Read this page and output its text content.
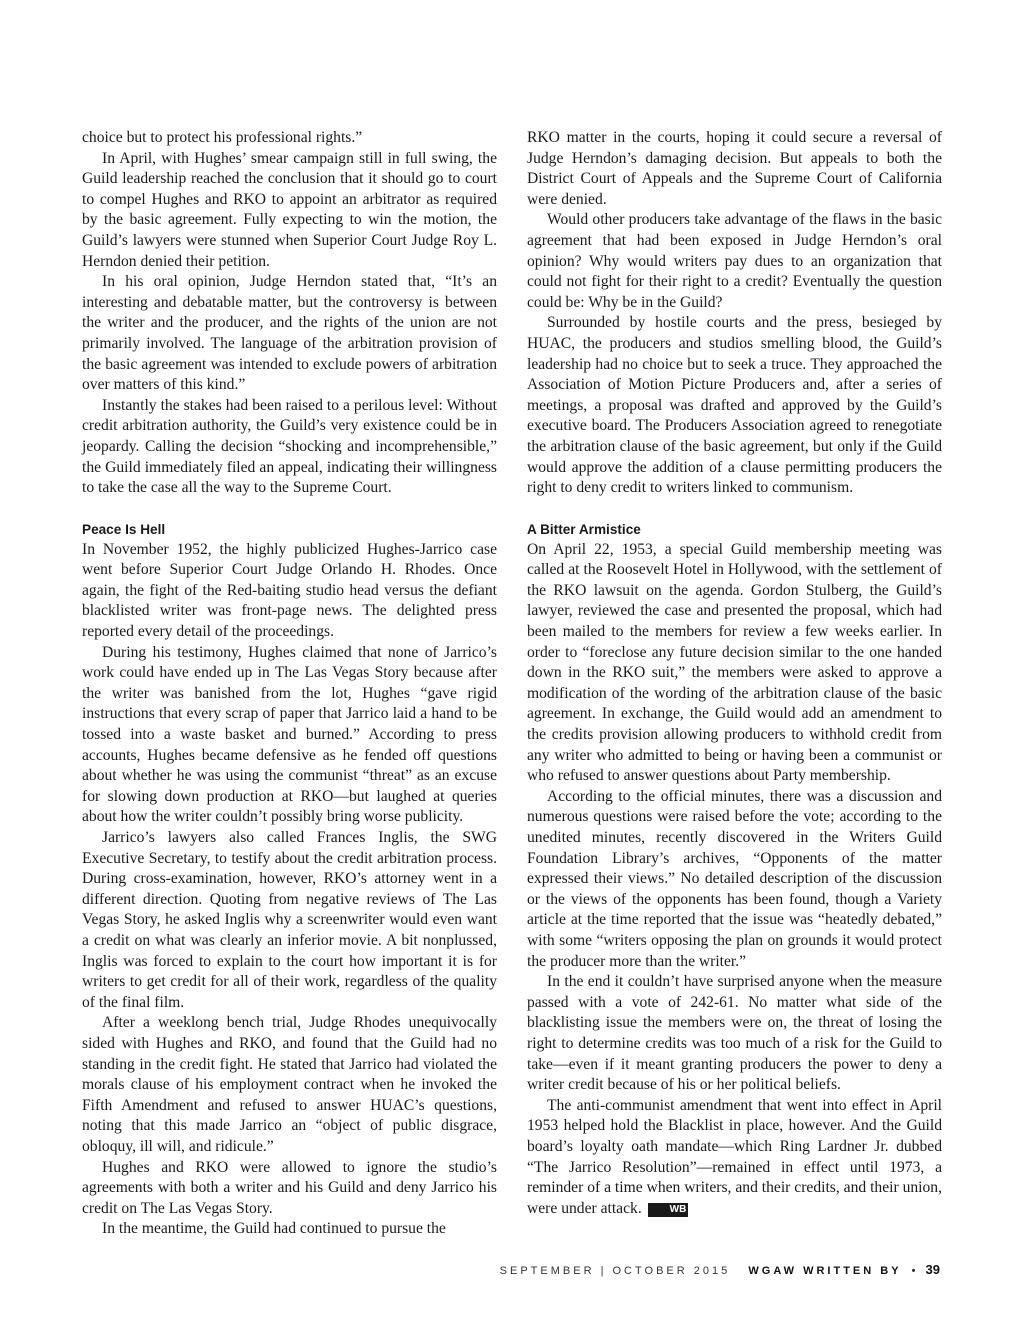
choice but to protect his professional rights.”

In April, with Hughes’ smear campaign still in full swing, the Guild leadership reached the conclusion that it should go to court to compel Hughes and RKO to appoint an arbitrator as required by the basic agreement. Fully expecting to win the motion, the Guild’s lawyers were stunned when Superior Court Judge Roy L. Herndon denied their petition.

In his oral opinion, Judge Herndon stated that, “It’s an interesting and debatable matter, but the controversy is between the writer and the producer, and the rights of the union are not primarily involved. The language of the arbitration provision of the basic agreement was intended to exclude powers of arbitration over matters of this kind.”

Instantly the stakes had been raised to a perilous level: Without credit arbitration authority, the Guild’s very existence could be in jeopardy. Calling the decision “shocking and incomprehensible,” the Guild immediately filed an appeal, indicating their willingness to take the case all the way to the Supreme Court.

Peace Is Hell

In November 1952, the highly publicized Hughes-Jarrico case went before Superior Court Judge Orlando H. Rhodes. Once again, the fight of the Red-baiting studio head versus the defiant blacklisted writer was front-page news. The delighted press reported every detail of the proceedings.

During his testimony, Hughes claimed that none of Jarrico’s work could have ended up in The Las Vegas Story because after the writer was banished from the lot, Hughes “gave rigid instructions that every scrap of paper that Jarrico laid a hand to be tossed into a waste basket and burned.” According to press accounts, Hughes became defensive as he fended off questions about whether he was using the communist “threat” as an excuse for slowing down production at RKO—but laughed at queries about how the writer couldn’t possibly bring worse publicity.

Jarrico’s lawyers also called Frances Inglis, the SWG Executive Secretary, to testify about the credit arbitration process. During cross-examination, however, RKO’s attorney went in a different direction. Quoting from negative reviews of The Las Vegas Story, he asked Inglis why a screenwriter would even want a credit on what was clearly an inferior movie. A bit nonplussed, Inglis was forced to explain to the court how important it is for writers to get credit for all of their work, regardless of the quality of the final film.

After a weeklong bench trial, Judge Rhodes unequivocally sided with Hughes and RKO, and found that the Guild had no standing in the credit fight. He stated that Jarrico had violated the morals clause of his employment contract when he invoked the Fifth Amendment and refused to answer HUAC’s questions, noting that this made Jarrico an “object of public disgrace, obloquy, ill will, and ridicule.”

Hughes and RKO were allowed to ignore the studio’s agreements with both a writer and his Guild and deny Jarrico his credit on The Las Vegas Story.

In the meantime, the Guild had continued to pursue the

RKO matter in the courts, hoping it could secure a reversal of Judge Herndon’s damaging decision. But appeals to both the District Court of Appeals and the Supreme Court of California were denied.

Would other producers take advantage of the flaws in the basic agreement that had been exposed in Judge Herndon’s oral opinion? Why would writers pay dues to an organization that could not fight for their right to a credit? Eventually the question could be: Why be in the Guild?

Surrounded by hostile courts and the press, besieged by HUAC, the producers and studios smelling blood, the Guild’s leadership had no choice but to seek a truce. They approached the Association of Motion Picture Producers and, after a series of meetings, a proposal was drafted and approved by the Guild’s executive board. The Producers Association agreed to renegotiate the arbitration clause of the basic agreement, but only if the Guild would approve the addition of a clause permitting producers the right to deny credit to writers linked to communism.

A Bitter Armistice

On April 22, 1953, a special Guild membership meeting was called at the Roosevelt Hotel in Hollywood, with the settlement of the RKO lawsuit on the agenda. Gordon Stulberg, the Guild’s lawyer, reviewed the case and presented the proposal, which had been mailed to the members for review a few weeks earlier. In order to “foreclose any future decision similar to the one handed down in the RKO suit,” the members were asked to approve a modification of the wording of the arbitration clause of the basic agreement. In exchange, the Guild would add an amendment to the credits provision allowing producers to withhold credit from any writer who admitted to being or having been a communist or who refused to answer questions about Party membership.

According to the official minutes, there was a discussion and numerous questions were raised before the vote; according to the unedited minutes, recently discovered in the Writers Guild Foundation Library’s archives, “Opponents of the matter expressed their views.” No detailed description of the discussion or the views of the opponents has been found, though a Variety article at the time reported that the issue was “heatedly debated,” with some “writers opposing the plan on grounds it would protect the producer more than the writer.”

In the end it couldn’t have surprised anyone when the measure passed with a vote of 242-61. No matter what side of the blacklisting issue the members were on, the threat of losing the right to determine credits was too much of a risk for the Guild to take—even if it meant granting producers the power to deny a writer credit because of his or her political beliefs.

The anti-communist amendment that went into effect in April 1953 helped hold the Blacklist in place, however. And the Guild board’s loyalty oath mandate—which Ring Lardner Jr. dubbed “The Jarrico Resolution”—remained in effect until 1973, a reminder of a time when writers, and their credits, and their union, were under attack.	WB

SEPTEMBER | OCTOBER 2015 WGAW WRITTEN BY • 39
